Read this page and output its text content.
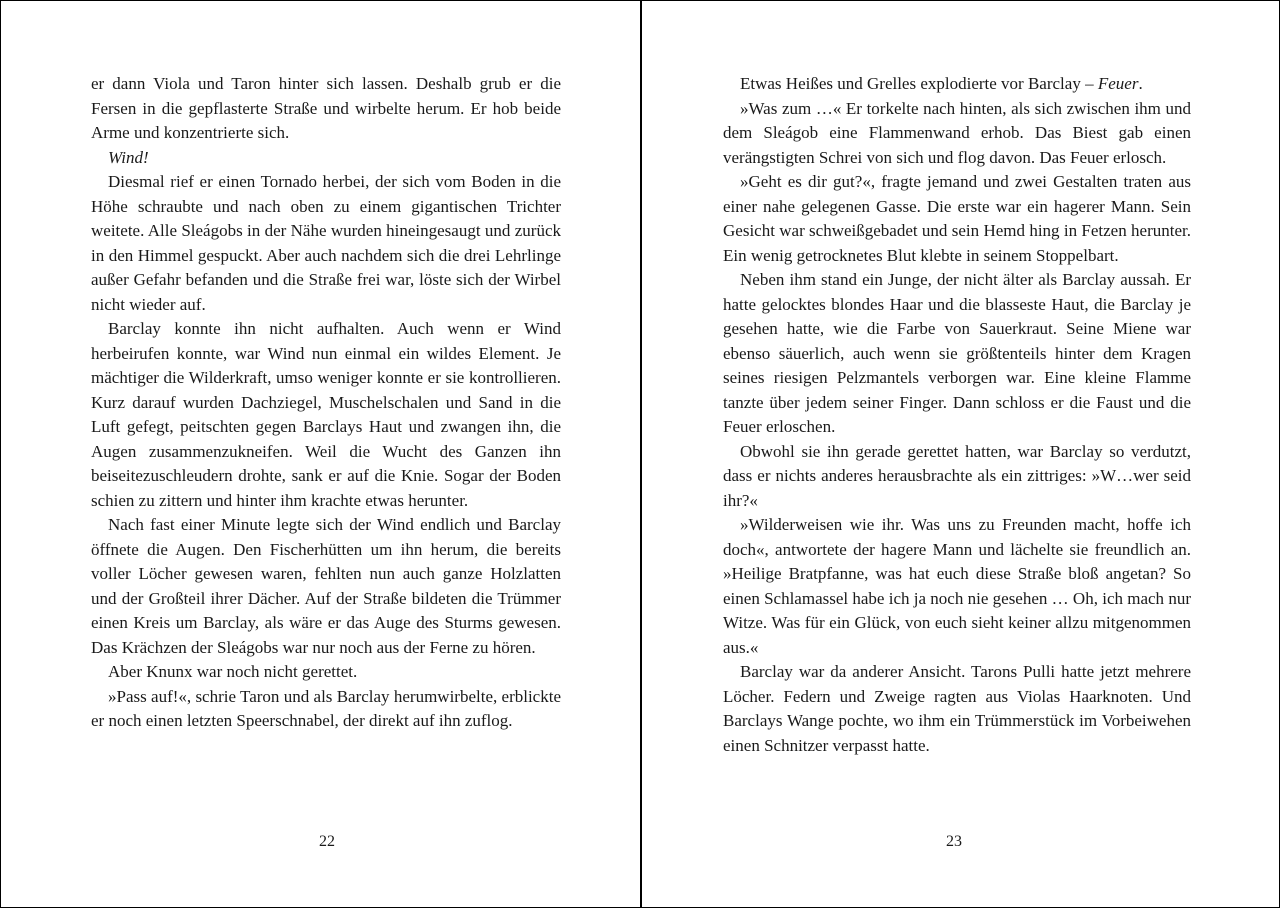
er dann Viola und Taron hinter sich lassen. Deshalb grub er die Fersen in die gepflasterte Straße und wirbelte herum. Er hob beide Arme und konzentrierte sich.

Wind!

Diesmal rief er einen Tornado herbei, der sich vom Boden in die Höhe schraubte und nach oben zu einem gigantischen Trichter weitete. Alle Sleágobs in der Nähe wurden hineingesaugt und zurück in den Himmel gespuckt. Aber auch nachdem sich die drei Lehrlinge außer Gefahr befanden und die Straße frei war, löste sich der Wirbel nicht wieder auf.

Barclay konnte ihn nicht aufhalten. Auch wenn er Wind herbeirufen konnte, war Wind nun einmal ein wildes Element. Je mächtiger die Wilderkraft, umso weniger konnte er sie kontrollieren. Kurz darauf wurden Dachziegel, Muschelschalen und Sand in die Luft gefegt, peitschten gegen Barclays Haut und zwangen ihn, die Augen zusammenzukneifen. Weil die Wucht des Ganzen ihn beiseitezuschleudern drohte, sank er auf die Knie. Sogar der Boden schien zu zittern und hinter ihm krachte etwas herunter.

Nach fast einer Minute legte sich der Wind endlich und Barclay öffnete die Augen. Den Fischerhütten um ihn herum, die bereits voller Löcher gewesen waren, fehlten nun auch ganze Holzlatten und der Großteil ihrer Dächer. Auf der Straße bildeten die Trümmer einen Kreis um Barclay, als wäre er das Auge des Sturms gewesen. Das Krächzen der Sleágobs war nur noch aus der Ferne zu hören.

Aber Knunx war noch nicht gerettet.

»Pass auf!«, schrie Taron und als Barclay herumwirbelte, erblickte er noch einen letzten Speerschnabel, der direkt auf ihn zuflog.

22

Etwas Heißes und Grelles explodierte vor Barclay – Feuer.

»Was zum …« Er torkelte nach hinten, als sich zwischen ihm und dem Sleágob eine Flammenwand erhob. Das Biest gab einen verängstigten Schrei von sich und flog davon. Das Feuer erlosch.

»Geht es dir gut?«, fragte jemand und zwei Gestalten traten aus einer nahe gelegenen Gasse. Die erste war ein hagerer Mann. Sein Gesicht war schweißgebadet und sein Hemd hing in Fetzen herunter. Ein wenig getrocknetes Blut klebte in seinem Stoppelbart.

Neben ihm stand ein Junge, der nicht älter als Barclay aussah. Er hatte gelocktes blondes Haar und die blasseste Haut, die Barclay je gesehen hatte, wie die Farbe von Sauerkraut. Seine Miene war ebenso säuerlich, auch wenn sie größtenteils hinter dem Kragen seines riesigen Pelzmantels verborgen war. Eine kleine Flamme tanzte über jedem seiner Finger. Dann schloss er die Faust und die Feuer erloschen.

Obwohl sie ihn gerade gerettet hatten, war Barclay so verdutzt, dass er nichts anderes herausbrachte als ein zittriges: »W…wer seid ihr?«

»Wilderweisen wie ihr. Was uns zu Freunden macht, hoffe ich doch«, antwortete der hagere Mann und lächelte sie freundlich an. »Heilige Bratpfanne, was hat euch diese Straße bloß angetan? So einen Schlamassel habe ich ja noch nie gesehen … Oh, ich mach nur Witze. Was für ein Glück, von euch sieht keiner allzu mitgenommen aus.«

Barclay war da anderer Ansicht. Tarons Pulli hatte jetzt mehrere Löcher. Federn und Zweige ragten aus Violas Haarknoten. Und Barclays Wange pochte, wo ihm ein Trümmerstück im Vorbeiwehen einen Schnitzer verpasst hatte.

23
